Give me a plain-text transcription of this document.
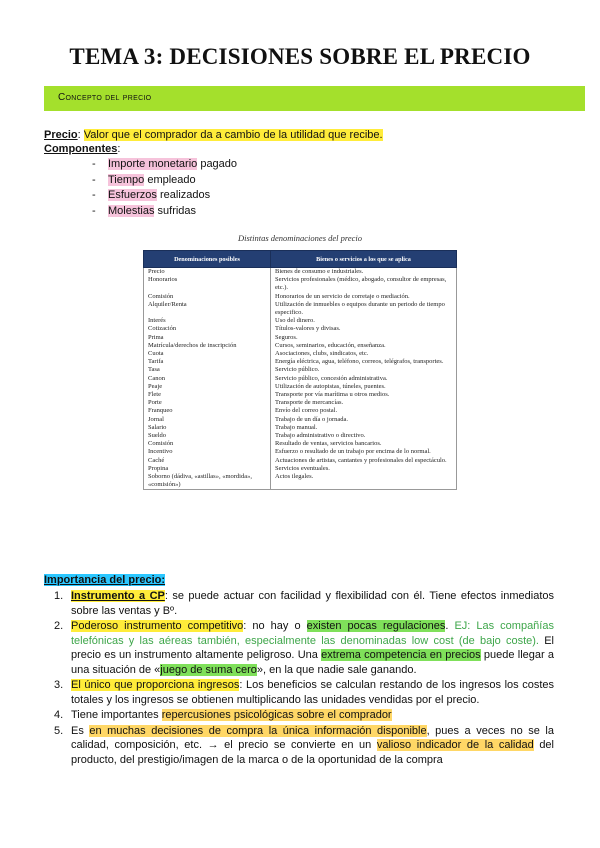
TEMA 3: DECISIONES SOBRE EL PRECIO
Concepto del precio
Precio: Valor que el comprador da a cambio de la utilidad que recibe.
Componentes:
- Importe monetario pagado
- Tiempo empleado
- Esfuerzos realizados
- Molestias sufridas
Distintas denominaciones del precio
Denominaciones posibles	Bienes o servicios a los que se aplica
Precio	Bienes de consumo e industriales.
Honorarios	Servicios profesionales (médico, abogado, consultor de empresas, etc.).
Comisión	Honorarios de un servicio de corretaje o mediación.
Alquiler/Renta	Utilización de inmuebles o equipos durante un periodo de tiempo especifico.
Interés	Uso del dinero.
Cotización	Títulos-valores y divisas.
Prima	Seguros.
Matrícula/derechos de inscripción	Cursos, seminarios, educación, enseñanza.
Cuota	Asociaciones, clubs, sindicatos, etc.
Tarifa	Energía eléctrica, agua, teléfono, correos, telégrafos, transportes.
Tasa	Servicio público.
Canon	Servicio público, concesión administrativa.
Peaje	Utilización de autopistas, túneles, puentes.
Flete	Transporte por vía marítima u otros medios.
Porte	Transporte de mercancías.
Franqueo	Envío del correo postal.
Jornal	Trabajo de un día o jornada.
Salario	Trabajo manual.
Sueldo	Trabajo administrativo o directivo.
Comisión	Resultado de ventas, servicios bancarios.
Incentivo	Esfuerzo o resultado de un trabajo por encima de lo normal.
Caché	Actuaciones de artistas, cantantes y profesionales del espectáculo.
Propina	Servicios eventuales.
Soborno (dádiva, «astillas», «mordida», «comisión»)	Actos ilegales.
Importancia del precio:
1. Instrumento a CP: se puede actuar con facilidad y flexibilidad con él. Tiene efectos inmediatos sobre las ventas y Bº.
2. Poderoso instrumento competitivo: no hay o existen pocas regulaciones. EJ: Las compañías telefónicas y las aéreas también, especialmente las denominadas low cost (de bajo coste). El precio es un instrumento altamente peligroso. Una extrema competencia en precios puede llegar a una situación de «juego de suma cero», en la que nadie sale ganando.
3. El único que proporciona ingresos: Los beneficios se calculan restando de los ingresos los costes totales y los ingresos se obtienen multiplicando las unidades vendidas por el precio.
4. Tiene importantes repercusiones psicológicas sobre el comprador
5. Es en muchas decisiones de compra la única información disponible, pues a veces no se la calidad, composición, etc. → el precio se convierte en un valioso indicador de la calidad del producto, del prestigio/imagen de la marca o de la oportunidad de la compra
